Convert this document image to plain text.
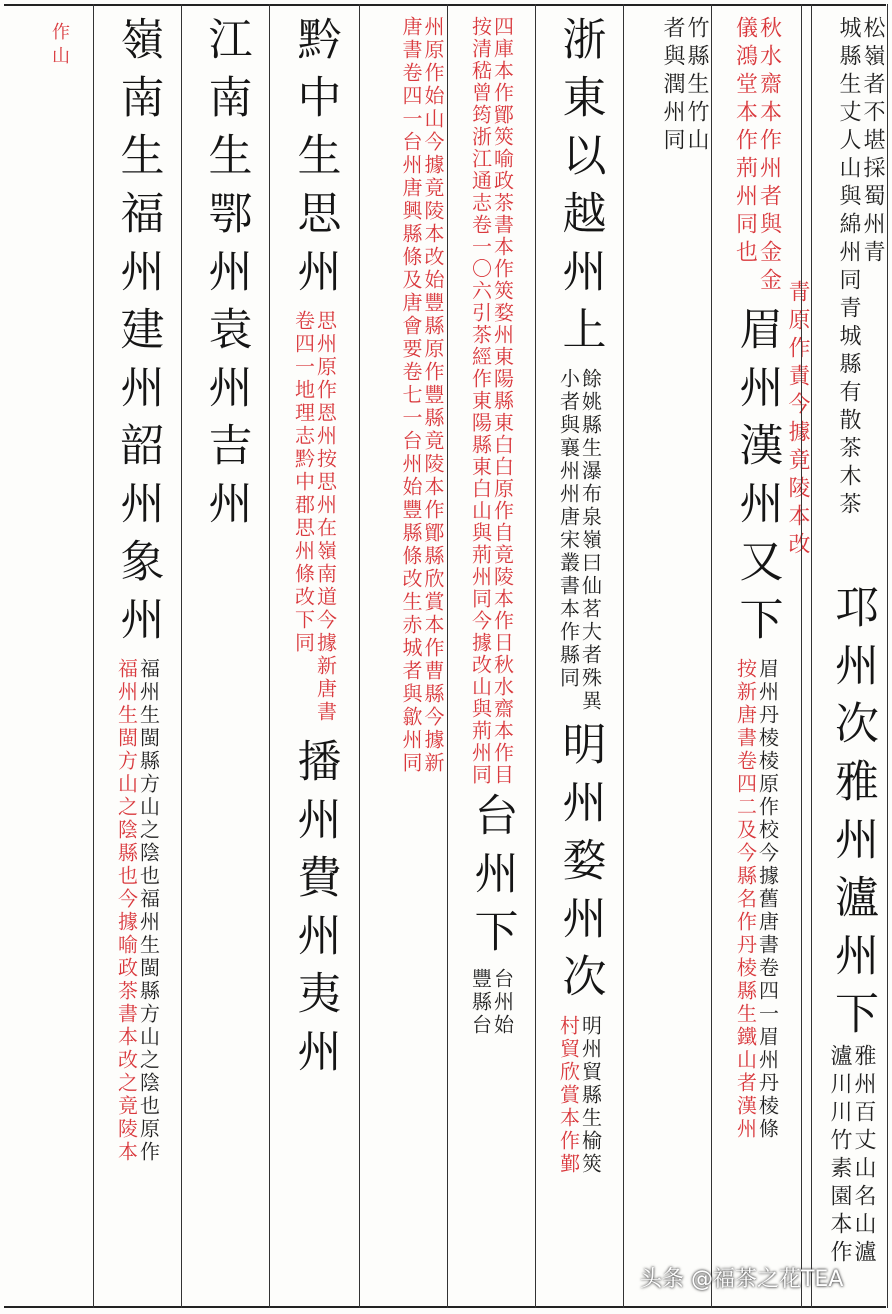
松嶺者不堪採蜀州青
城縣生丈人山與綿州同青城縣有散茶木茶
青原作責今據竟陵本改
邛州次雅州瀘州下
雅州百丈山名山瀘
瀘川川竹素園本作
秋水齋本作州者與金金
儀鴻堂本作荊州同也
眉州漢州又下
眉州丹棱棱原作校今據舊唐書卷四一眉州丹棱條
按新唐書卷四二及今縣名作丹棱縣生鐵山者漢州
竹縣生竹山
者與潤州同
浙東以越州上
餘姚縣生瀑布泉嶺曰仙茗大者殊異
小者與襄州州唐宋叢書本作縣同
明州婺州次
明州貿縣生榆筴
村貿欣賞本作鄞
四庫本作鄮筴喻政茶書本作筴婺州東陽縣東白白原作自竟陵本作日秋水齋本作目
按清嵇曾筠浙江通志卷一〇六引茶經作東陽縣東白山與荊州同今據改山與荊州同
台州下
台州始
豐縣台
州原作始山今據竟陵本改始豐縣原作豐縣竟陵本作鄮縣欣賞本作曹縣今據新
唐書卷四一台州唐興縣條及唐會要卷七一台州始豐縣條改生赤城者與歙州同
黔中生思州
思州原作恩州按思州在嶺南道今據新唐書
卷四一地理志黔中郡思州條改下同
播州費州夷州
江南生鄂州袁州吉州
嶺南生福州建州韶州象州
福州生閩縣方山之陰也福州生閩縣方山之陰也原作
福州生閩方山之陰縣也今據喻政茶書本改之竟陵本
作山
头条 @福茶之花TEA
